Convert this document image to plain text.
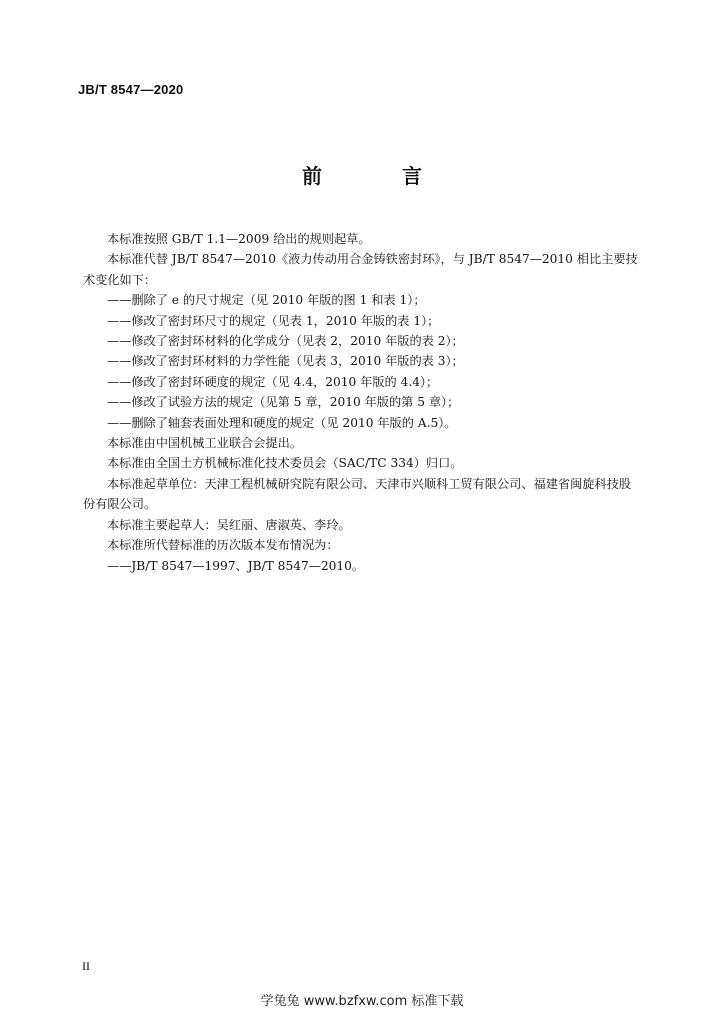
JB/T 8547—2020
前　言

本标准按照 GB/T 1.1—2009 给出的规则起草。

本标准代替 JB/T 8547—2010《液力传动用合金铸铁密封环》，与 JB/T 8547—2010 相比主要技术变化如下：

——删除了 e 的尺寸规定（见 2010 年版的图 1 和表 1）；

——修改了密封环尺寸的规定（见表 1，2010 年版的表 1）；

——修改了密封环材料的化学成分（见表 2，2010 年版的表 2）；

——修改了密封环材料的力学性能（见表 3，2010 年版的表 3）；

——修改了密封环硬度的规定（见 4.4，2010 年版的 4.4）；

——修改了试验方法的规定（见第 5 章，2010 年版的第 5 章）；

——删除了轴套表面处理和硬度的规定（见 2010 年版的 A.5）。

本标准由中国机械工业联合会提出。

本标准由全国土方机械标准化技术委员会（SAC/TC 334）归口。

本标准起草单位：天津工程机械研究院有限公司、天津市兴顺科工贸有限公司、福建省闽旋科技股份有限公司。

本标准主要起草人：吴红丽、唐淑英、李玲。

本标准所代替标准的历次版本发布情况为：

——JB/T 8547—1997、JB/T 8547—2010。

II
学兔兔 www.bzfxw.com 标准下载
